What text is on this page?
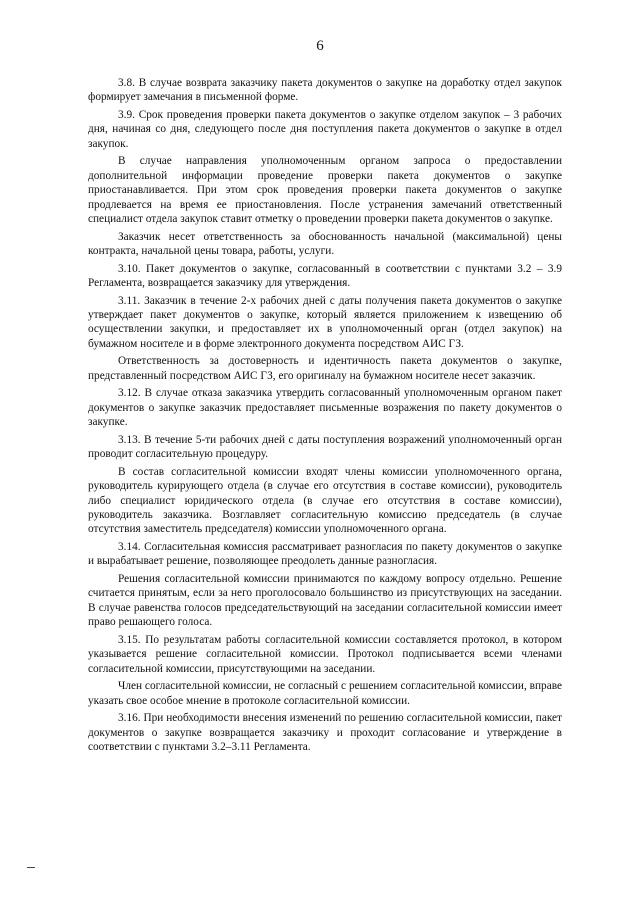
6

3.8. В случае возврата заказчику пакета документов о закупке на доработку отдел закупок формирует замечания в письменной форме.

3.9. Срок проведения проверки пакета документов о закупке отделом закупок – 3 рабочих дня, начиная со дня, следующего после дня поступления пакета документов о закупке в отдел закупок.

В случае направления уполномоченным органом запроса о предоставлении дополнительной информации проведение проверки пакета документов о закупке приостанавливается. При этом срок проведения проверки пакета документов о закупке продлевается на время ее приостановления. После устранения замечаний ответственный специалист отдела закупок ставит отметку о проведении проверки пакета документов о закупке.

Заказчик несет ответственность за обоснованность начальной (максимальной) цены контракта, начальной цены товара, работы, услуги.

3.10. Пакет документов о закупке, согласованный в соответствии с пунктами 3.2 – 3.9 Регламента, возвращается заказчику для утверждения.

3.11. Заказчик в течение 2-х рабочих дней с даты получения пакета документов о закупке утверждает пакет документов о закупке, который является приложением к извещению об осуществлении закупки, и предоставляет их в уполномоченный орган (отдел закупок) на бумажном носителе и в форме электронного документа посредством АИС ГЗ.

Ответственность за достоверность и идентичность пакета документов о закупке, представленный посредством АИС ГЗ, его оригиналу на бумажном носителе несет заказчик.

3.12. В случае отказа заказчика утвердить согласованный уполномоченным органом пакет документов о закупке заказчик предоставляет письменные возражения по пакету документов о закупке.

3.13. В течение 5-ти рабочих дней с даты поступления возражений уполномоченный орган проводит согласительную процедуру.

В состав согласительной комиссии входят члены комиссии уполномоченного органа, руководитель курирующего отдела (в случае его отсутствия в составе комиссии), руководитель либо специалист юридического отдела (в случае его отсутствия в составе комиссии), руководитель заказчика. Возглавляет согласительную комиссию председатель (в случае отсутствия заместитель председателя) комиссии уполномоченного органа.

3.14. Согласительная комиссия рассматривает разногласия по пакету документов о закупке и вырабатывает решение, позволяющее преодолеть данные разногласия.

Решения согласительной комиссии принимаются по каждому вопросу отдельно. Решение считается принятым, если за него проголосовало большинство из присутствующих на заседании. В случае равенства голосов председательствующий на заседании согласительной комиссии имеет право решающего голоса.

3.15. По результатам работы согласительной комиссии составляется протокол, в котором указывается решение согласительной комиссии. Протокол подписывается всеми членами согласительной комиссии, присутствующими на заседании.

Член согласительной комиссии, не согласный с решением согласительной комиссии, вправе указать свое особое мнение в протоколе согласительной комиссии.

3.16. При необходимости внесения изменений по решению согласительной комиссии, пакет документов о закупке возвращается заказчику и проходит согласование и утверждение в соответствии с пунктами 3.2–3.11 Регламента.
